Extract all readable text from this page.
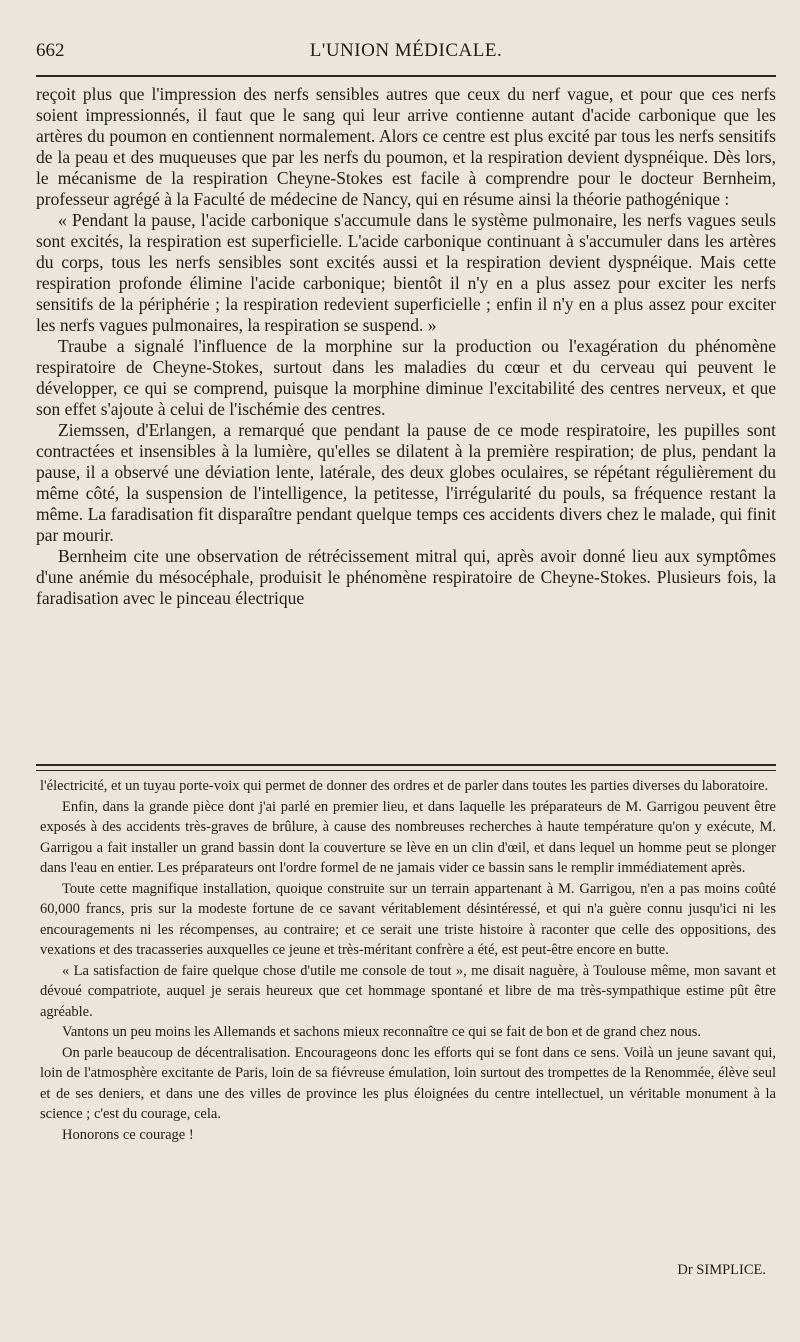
662	L'UNION MÉDICALE.

reçoit plus que l'impression des nerfs sensibles autres que ceux du nerf vague, et pour que ces nerfs soient impressionnés, il faut que le sang qui leur arrive contienne autant d'acide carbonique que les artères du poumon en contiennent normalement. Alors ce centre est plus excité par tous les nerfs sensitifs de la peau et des muqueuses que par les nerfs du poumon, et la respiration devient dyspnéique. Dès lors, le mécanisme de la respiration Cheyne-Stokes est facile à comprendre pour le docteur Bernheim, professeur agrégé à la Faculté de médecine de Nancy, qui en résume ainsi la théorie pathogénique :

« Pendant la pause, l'acide carbonique s'accumule dans le système pulmonaire, les nerfs vagues seuls sont excités, la respiration est superficielle. L'acide carbonique continuant à s'accumuler dans les artères du corps, tous les nerfs sensibles sont excités aussi et la respiration devient dyspnéique. Mais cette respiration profonde élimine l'acide carbonique; bientôt il n'y en a plus assez pour exciter les nerfs sensitifs de la périphérie ; la respiration redevient superficielle ; enfin il n'y en a plus assez pour exciter les nerfs vagues pulmonaires, la respiration se suspend. »

Traube a signalé l'influence de la morphine sur la production ou l'exagération du phénomène respiratoire de Cheyne-Stokes, surtout dans les maladies du cœur et du cerveau qui peuvent le développer, ce qui se comprend, puisque la morphine diminue l'excitabilité des centres nerveux, et que son effet s'ajoute à celui de l'ischémie des centres.

Ziemssen, d'Erlangen, a remarqué que pendant la pause de ce mode respiratoire, les pupilles sont contractées et insensibles à la lumière, qu'elles se dilatent à la première respiration; de plus, pendant la pause, il a observé une déviation lente, latérale, des deux globes oculaires, se répétant régulièrement du même côté, la suspension de l'intelligence, la petitesse, l'irrégularité du pouls, sa fréquence restant la même. La faradisation fit disparaître pendant quelque temps ces accidents divers chez le malade, qui finit par mourir.

Bernheim cite une observation de rétrécissement mitral qui, après avoir donné lieu aux symptômes d'une anémie du mésocéphale, produisit le phénomène respiratoire de Cheyne-Stokes. Plusieurs fois, la faradisation avec le pinceau électrique

l'électricité, et un tuyau porte-voix qui permet de donner des ordres et de parler dans toutes les parties diverses du laboratoire.

Enfin, dans la grande pièce dont j'ai parlé en premier lieu, et dans laquelle les préparateurs de M. Garrigou peuvent être exposés à des accidents très-graves de brûlure, à cause des nombreuses recherches à haute température qu'on y exécute, M. Garrigou a fait installer un grand bassin dont la couverture se lève en un clin d'œil, et dans lequel un homme peut se plonger dans l'eau en entier. Les préparateurs ont l'ordre formel de ne jamais vider ce bassin sans le remplir immédiatement après.

Toute cette magnifique installation, quoique construite sur un terrain appartenant à M. Garrigou, n'en a pas moins coûté 60,000 francs, pris sur la modeste fortune de ce savant véritablement désintéressé, et qui n'a guère connu jusqu'ici ni les encouragements ni les récompenses, au contraire; et ce serait une triste histoire à raconter que celle des oppositions, des vexations et des tracasseries auxquelles ce jeune et très-méritant confrère a été, est peut-être encore en butte.

« La satisfaction de faire quelque chose d'utile me console de tout », me disait naguère, à Toulouse même, mon savant et dévoué compatriote, auquel je serais heureux que cet hommage spontané et libre de ma très-sympathique estime pût être agréable.

Vantons un peu moins les Allemands et sachons mieux reconnaître ce qui se fait de bon et de grand chez nous.

On parle beaucoup de décentralisation. Encourageons donc les efforts qui se font dans ce sens. Voilà un jeune savant qui, loin de l'atmosphère excitante de Paris, loin de sa fiévreuse émulation, loin surtout des trompettes de la Renommée, élève seul et de ses deniers, et dans une des villes de province les plus éloignées du centre intellectuel, un véritable monument à la science ; c'est du courage, cela.

Honorons ce courage !

Dr SIMPLICE.
